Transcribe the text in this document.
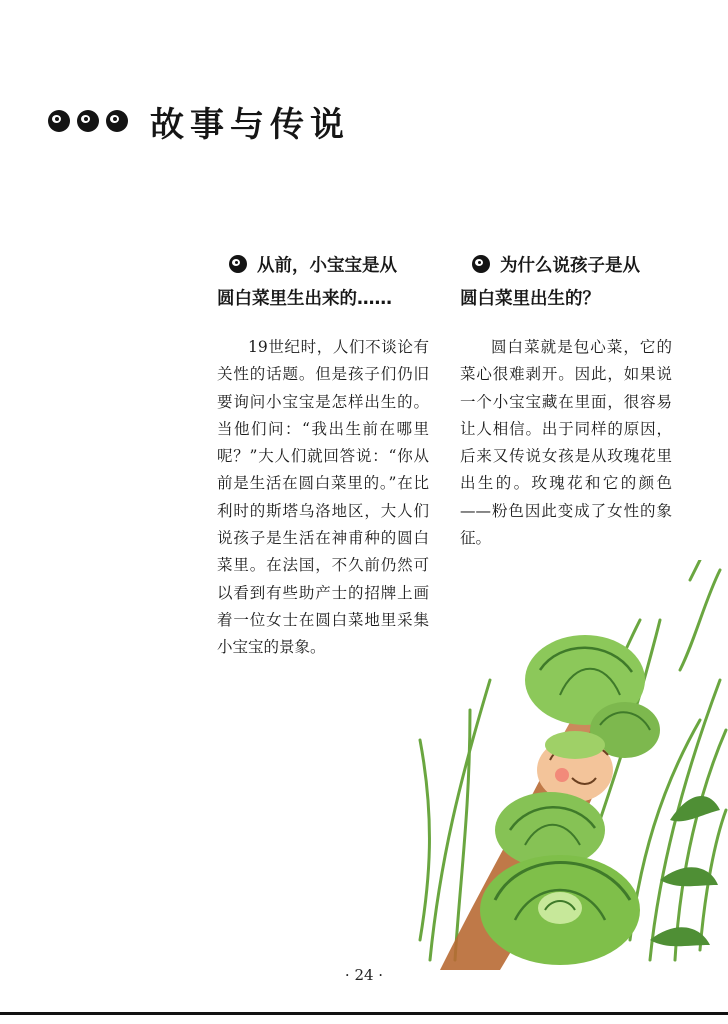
故事与传说
从前，小宝宝是从
圆白菜里生出来的……
19世纪时，人们不谈论有关性的话题。但是孩子们仍旧要询问小宝宝是怎样出生的。当他们问：“我出生前在哪里呢？”大人们就回答说：“你从前是生活在圆白菜里的。”在比利时的斯塔乌洛地区，大人们说孩子是生活在神甫种的圆白菜里。在法国，不久前仍然可以看到有些助产士的招牌上画着一位女士在圆白菜地里采集小宝宝的景象。
为什么说孩子是从
圆白菜里出生的？
圆白菜就是包心菜，它的菜心很难剥开。因此，如果说一个小宝宝藏在里面，很容易让人相信。出于同样的原因，后来又传说女孩是从玫瑰花里出生的。玫瑰花和它的颜色——粉色因此变成了女性的象征。
· 24 ·
